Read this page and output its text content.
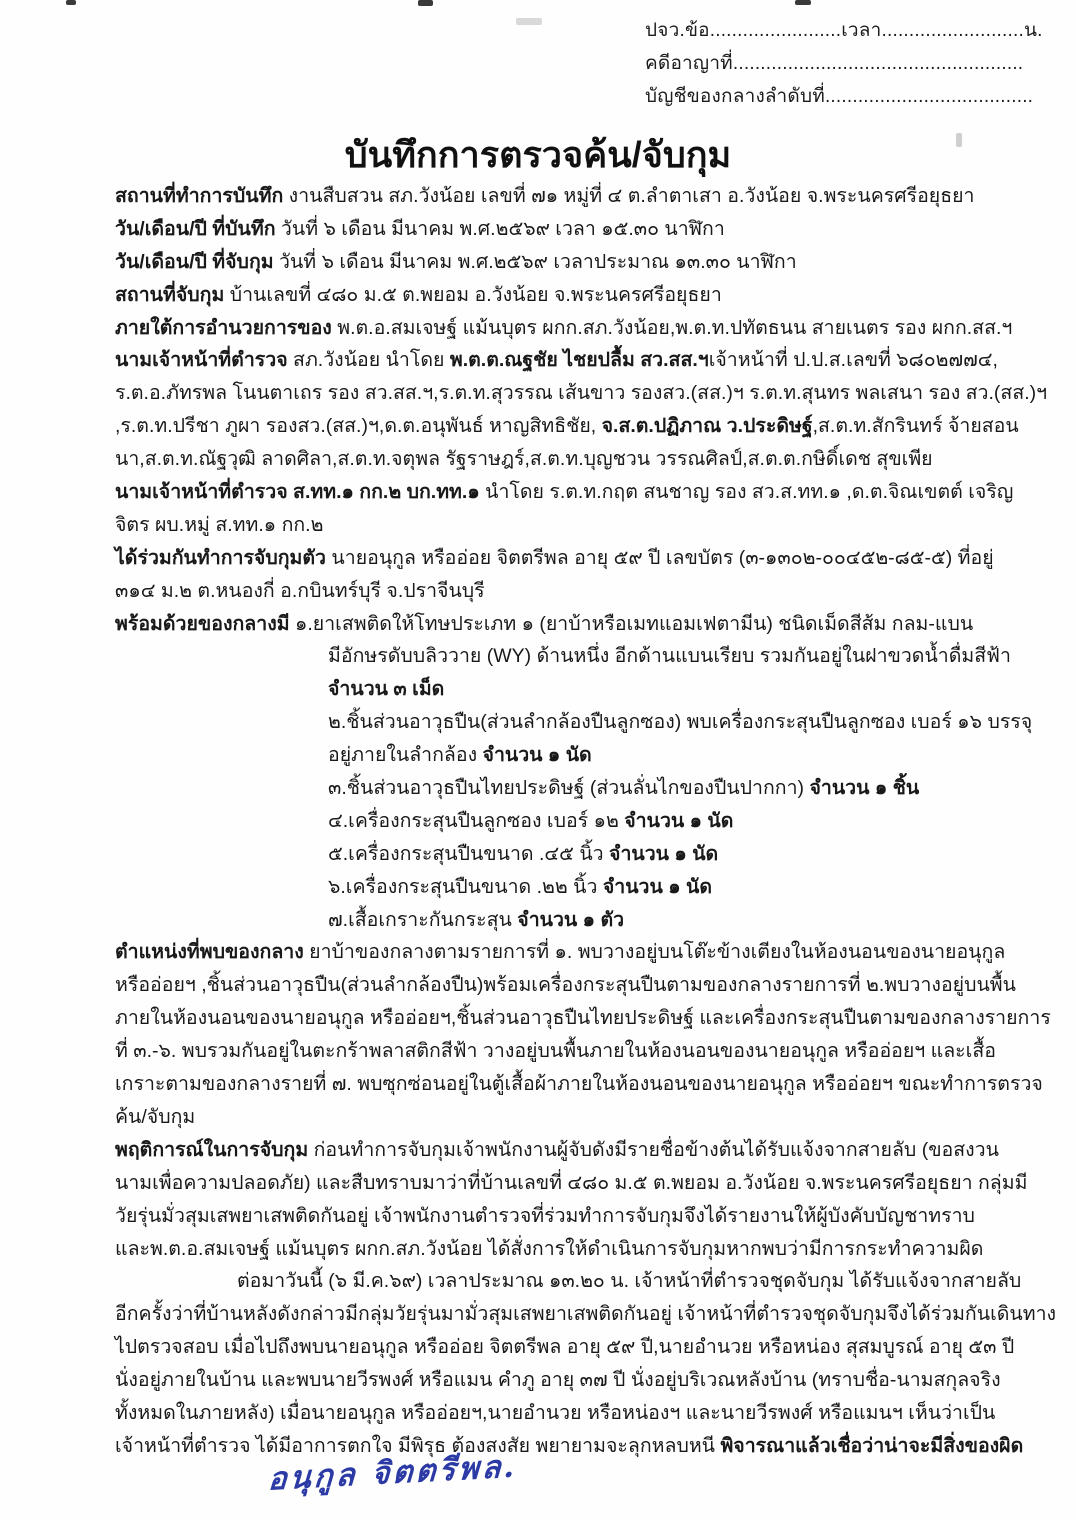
ปจว.ข้อ........................เวลา..........................น.
คดีอาญาที่.....................................................
บัญชีของกลางลำดับที่......................................
บันทึกการตรวจค้น/จับกุม
สถานที่ทำการบันทึก งานสืบสวน สภ.วังน้อย เลขที่ ๗๑ หมู่ที่ ๔ ต.ลำตาเสา อ.วังน้อย จ.พระนครศรีอยุธยา
วัน/เดือน/ปี ที่บันทึก วันที่ ๖ เดือน มีนาคม พ.ศ.๒๕๖๙ เวลา ๑๕.๓๐ นาฬิกา
วัน/เดือน/ปี ที่จับกุม วันที่ ๖ เดือน มีนาคม พ.ศ.๒๕๖๙ เวลาประมาณ ๑๓.๓๐ นาฬิกา
สถานที่จับกุม บ้านเลขที่ ๔๘๐ ม.๕ ต.พยอม อ.วังน้อย จ.พระนครศรีอยุธยา
ภายใต้การอำนวยการของ พ.ต.อ.สมเจษฐ์ แม้นบุตร ผกก.สภ.วังน้อย,พ.ต.ท.ปทัตธนน สายเนตร รอง ผกก.สส.ฯ
นามเจ้าหน้าที่ตำรวจ สภ.วังน้อย นำโดย พ.ต.ต.ณฐชัย ไชยปลื้ม สว.สส.ฯเจ้าหน้าที่ ป.ป.ส.เลขที่ ๖๘๐๒๗๗๔,
ร.ต.อ.ภัทรพล โนนตาเถร รอง สว.สส.ฯ,ร.ต.ท.สุวรรณ เส้นขาว รองสว.(สส.)ฯ ร.ต.ท.สุนทร พลเสนา รอง สว.(สส.)ฯ
,ร.ต.ท.ปรีชา ภูผา รองสว.(สส.)ฯ,ด.ต.อนุพันธ์ หาญสิทธิชัย, จ.ส.ต.ปฏิภาณ ว.ประดิษฐ์,ส.ต.ท.สักรินทร์ จ้ายสอน
นา,ส.ต.ท.ณัฐวุฒิ ลาดศิลา,ส.ต.ท.จตุพล รัฐราษฎร์,ส.ต.ท.บุญชวน วรรณศิลป์,ส.ต.ต.กษิดิ์เดช สุขเพีย
นามเจ้าหน้าที่ตำรวจ ส.ทท.๑ กก.๒ บก.ทท.๑ นำโดย ร.ต.ท.กฤต สนชาญ รอง สว.ส.ทท.๑ ,ด.ต.จิณเขตต์ เจริญ
จิตร ผบ.หมู่ ส.ทท.๑ กก.๒
ได้ร่วมกันทำการจับกุมตัว นายอนุกูล หรืออ่อย จิตตรีพล อายุ ๕๙ ปี เลขบัตร (๓-๑๓๐๒-๐๐๔๕๒-๘๕-๕) ที่อยู่
๓๑๔ ม.๒ ต.หนองกี่ อ.กบินทร์บุรี จ.ปราจีนบุรี
พร้อมด้วยของกลางมี ๑.ยาเสพติดให้โทษประเภท ๑ (ยาบ้าหรือเมทแอมเฟตามีน) ชนิดเม็ดสีส้ม กลม-แบน
มีอักษรดับบลิววาย (WY) ด้านหนึ่ง อีกด้านแบนเรียบ รวมกันอยู่ในฝาขวดน้ำดื่มสีฟ้า
จำนวน ๓ เม็ด
๒.ชิ้นส่วนอาวุธปืน(ส่วนลำกล้องปืนลูกซอง) พบเครื่องกระสุนปืนลูกซอง เบอร์ ๑๖ บรรจุ
อยู่ภายในลำกล้อง จำนวน ๑ นัด
๓.ชิ้นส่วนอาวุธปืนไทยประดิษฐ์ (ส่วนลั่นไกของปืนปากกา) จำนวน ๑ ชิ้น
๔.เครื่องกระสุนปืนลูกซอง เบอร์ ๑๒ จำนวน ๑ นัด
๕.เครื่องกระสุนปืนขนาด .๔๕ นิ้ว จำนวน ๑ นัด
๖.เครื่องกระสุนปืนขนาด .๒๒ นิ้ว จำนวน ๑ นัด
๗.เสื้อเกราะกันกระสุน จำนวน ๑ ตัว
ตำแหน่งที่พบของกลาง ยาบ้าของกลางตามรายการที่ ๑. พบวางอยู่บนโต๊ะข้างเตียงในห้องนอนของนายอนุกูล
หรืออ่อยฯ ,ชิ้นส่วนอาวุธปืน(ส่วนลำกล้องปืน)พร้อมเครื่องกระสุนปืนตามของกลางรายการที่ ๒.พบวางอยู่บนพื้น
ภายในห้องนอนของนายอนุกูล หรืออ่อยฯ,ชิ้นส่วนอาวุธปืนไทยประดิษฐ์ และเครื่องกระสุนปืนตามของกลางรายการ
ที่ ๓.-๖. พบรวมกันอยู่ในตะกร้าพลาสติกสีฟ้า วางอยู่บนพื้นภายในห้องนอนของนายอนุกูล หรืออ่อยฯ และเสื้อ
เกราะตามของกลางรายที่ ๗. พบซุกซ่อนอยู่ในตู้เสื้อผ้าภายในห้องนอนของนายอนุกูล หรืออ่อยฯ ขณะทำการตรวจ
ค้น/จับกุม
พฤติการณ์ในการจับกุม ก่อนทำการจับกุมเจ้าพนักงานผู้จับดังมีรายชื่อข้างต้นได้รับแจ้งจากสายลับ (ขอสงวน
นามเพื่อความปลอดภัย) และสืบทราบมาว่าที่บ้านเลขที่ ๔๘๐ ม.๕ ต.พยอม อ.วังน้อย จ.พระนครศรีอยุธยา กลุ่มมี
วัยรุ่นมั่วสุมเสพยาเสพติดกันอยู่ เจ้าพนักงานตำรวจที่ร่วมทำการจับกุมจึงได้รายงานให้ผู้บังคับบัญชาทราบ
และพ.ต.อ.สมเจษฐ์ แม้นบุตร ผกก.สภ.วังน้อย ได้สั่งการให้ดำเนินการจับกุมหากพบว่ามีการกระทำความผิด
ต่อมาวันนี้ (๖ มี.ค.๖๙) เวลาประมาณ ๑๓.๒๐ น. เจ้าหน้าที่ตำรวจชุดจับกุม ได้รับแจ้งจากสายลับ
อีกครั้งว่าที่บ้านหลังดังกล่าวมีกลุ่มวัยรุ่นมามั่วสุมเสพยาเสพติดกันอยู่ เจ้าหน้าที่ตำรวจชุดจับกุมจึงได้ร่วมกันเดินทาง
ไปตรวจสอบ เมื่อไปถึงพบนายอนุกูล หรืออ่อย จิตตรีพล อายุ ๕๙ ปี,นายอำนวย หรือหน่อง สุสมบูรณ์ อายุ ๕๓ ปี
นั่งอยู่ภายในบ้าน และพบนายวีรพงศ์ หรือแมน คำภู อายุ ๓๗ ปี นั่งอยู่บริเวณหลังบ้าน (ทราบชื่อ-นามสกุลจริง
ทั้งหมดในภายหลัง) เมื่อนายอนุกูล หรืออ่อยฯ,นายอำนวย หรือหน่องฯ และนายวีรพงศ์ หรือแมนฯ เห็นว่าเป็น
เจ้าหน้าที่ตำรวจ ได้มีอาการตกใจ มีพิรุธ ต้องสงสัย พยายามจะลุกหลบหนี พิจารณาแล้วเชื่อว่าน่าจะมีสิ่งของผิด
อนุกูล จิตตรีพล.
